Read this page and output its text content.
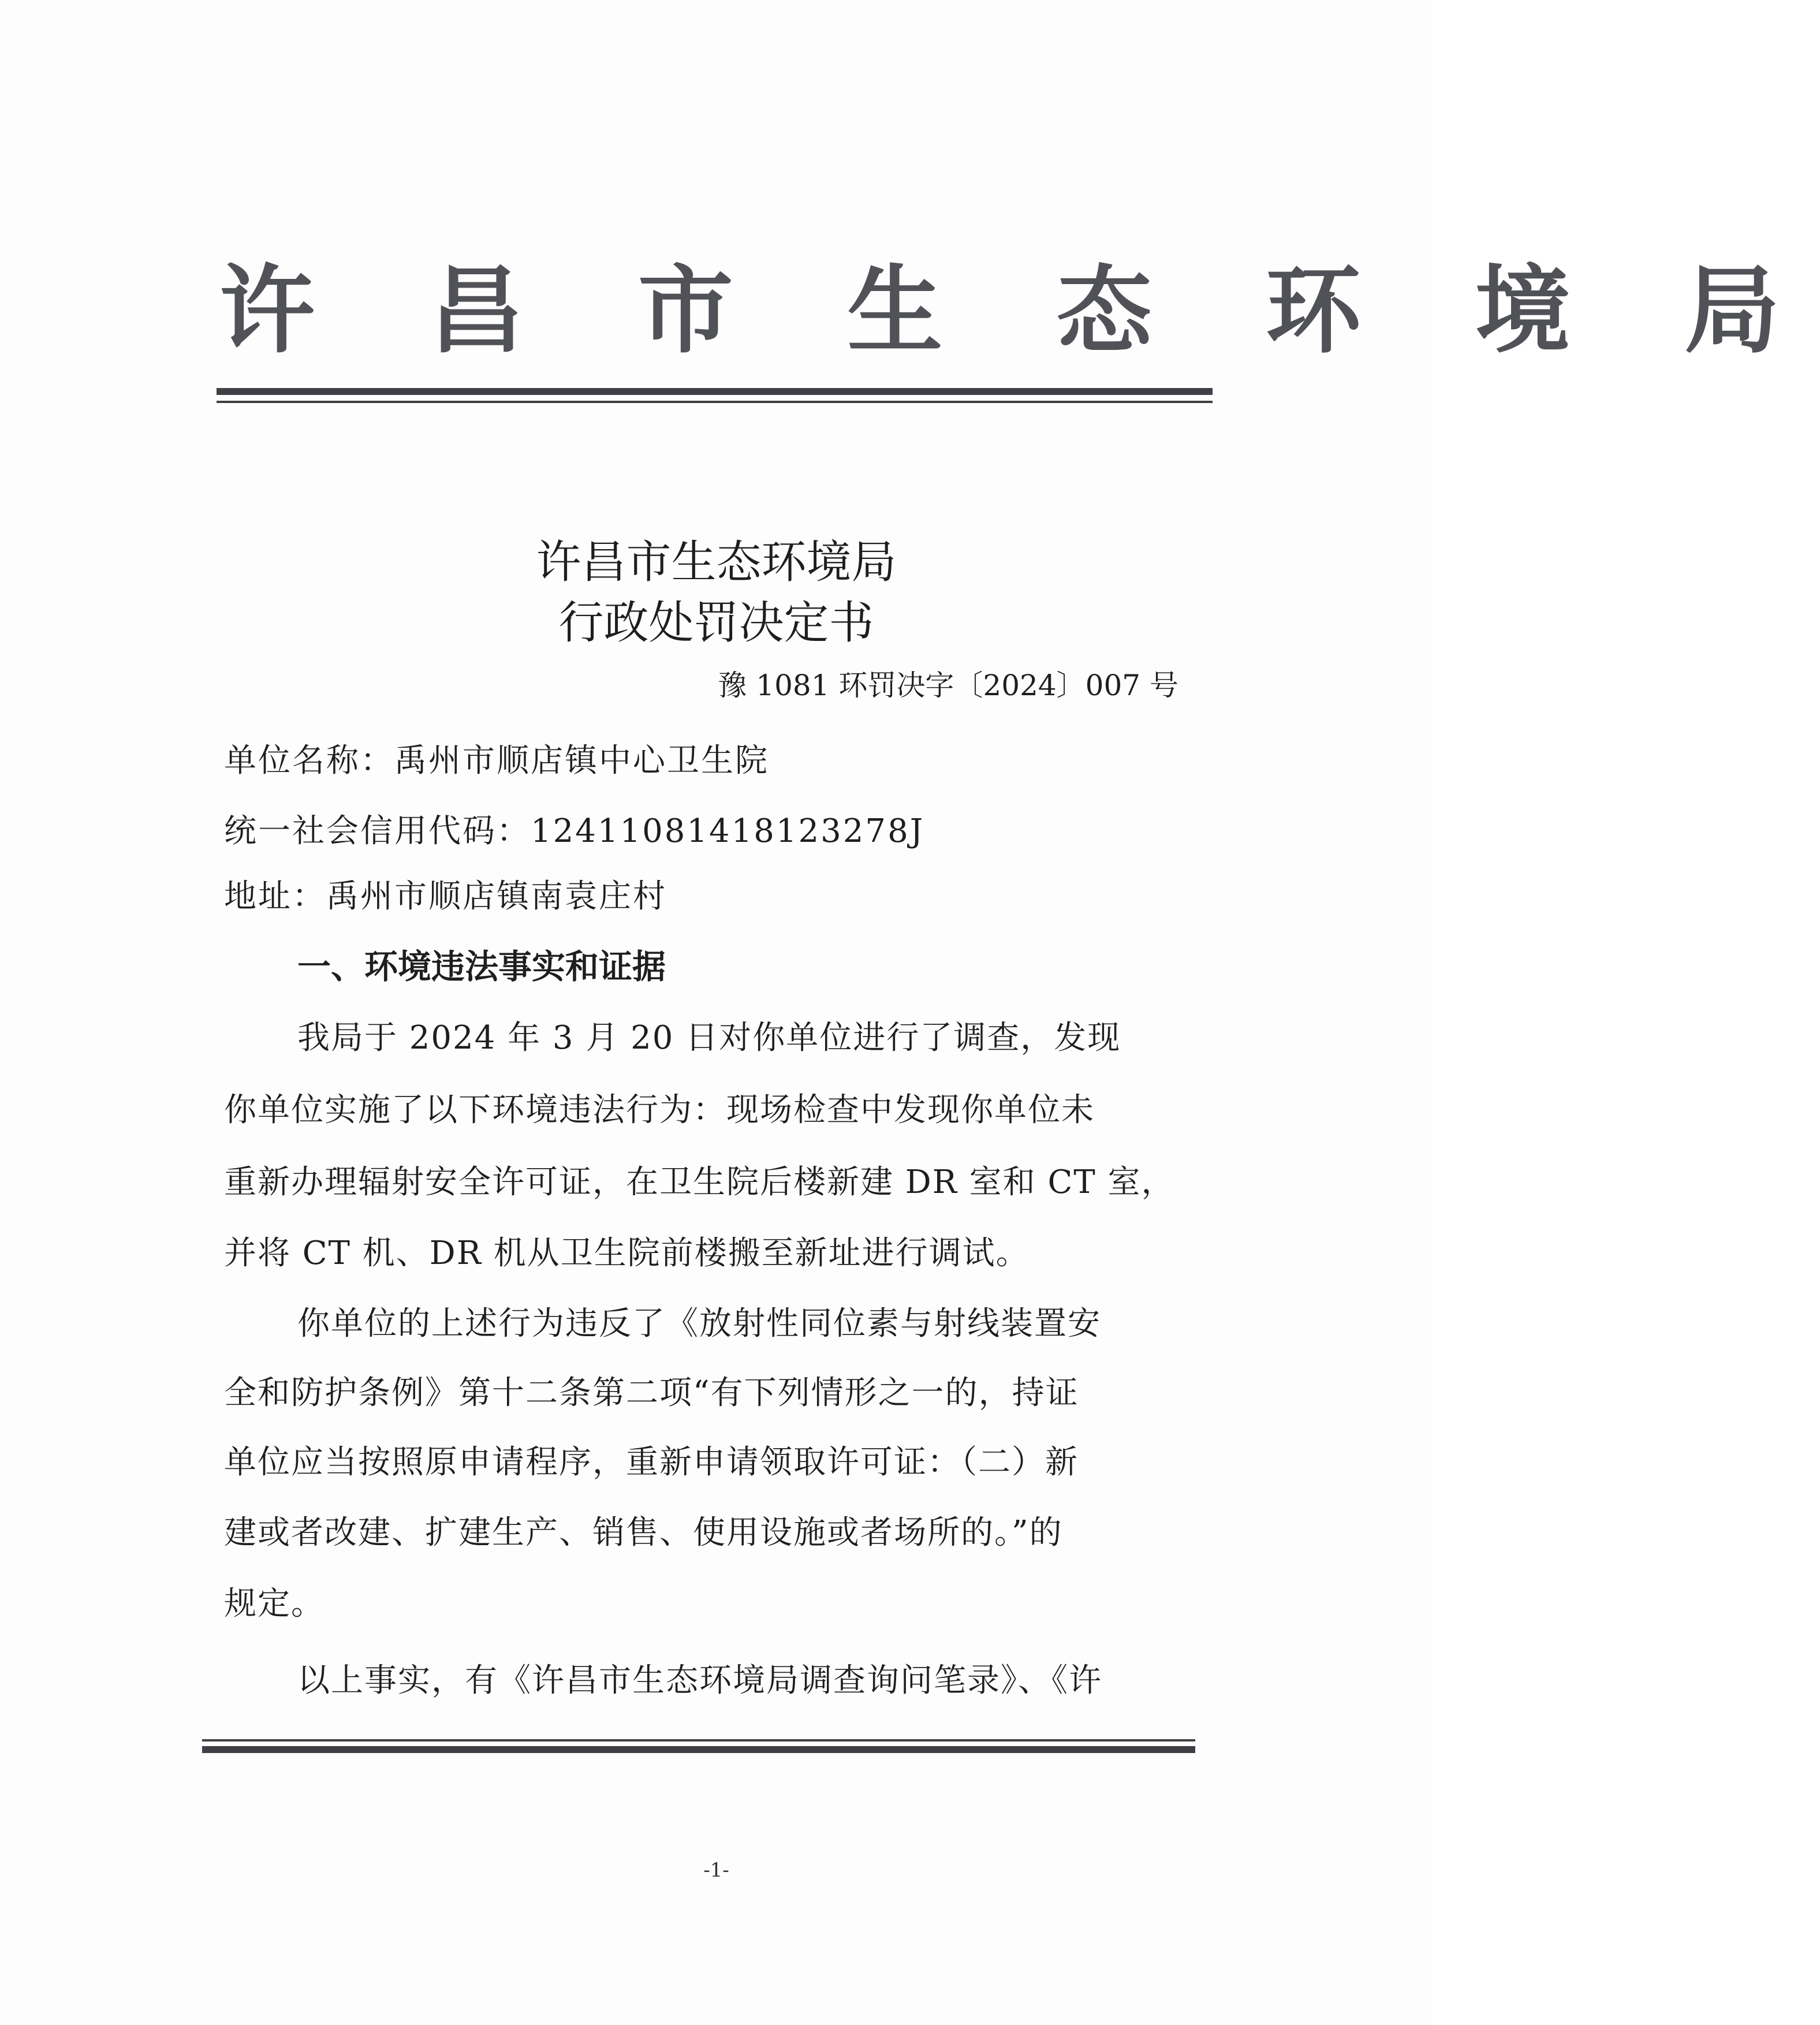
许 昌 市 生 态 环 境 局
许昌市生态环境局
行政处罚决定书
豫 1081 环罚决字〔2024〕007 号
单位名称：禹州市顺店镇中心卫生院
统一社会信用代码：12411081418123278J
地址：禹州市顺店镇南袁庄村
一、环境违法事实和证据
我局于 2024 年 3 月 20 日对你单位进行了调查，发现
你单位实施了以下环境违法行为：现场检查中发现你单位未
重新办理辐射安全许可证，在卫生院后楼新建 DR 室和 CT 室，
并将 CT 机、DR 机从卫生院前楼搬至新址进行调试。
你单位的上述行为违反了《放射性同位素与射线装置安
全和防护条例》第十二条第二项“有下列情形之一的，持证
单位应当按照原申请程序，重新申请领取许可证：（二）新
建或者改建、扩建生产、销售、使用设施或者场所的。”的
规定。
以上事实，有《许昌市生态环境局调查询问笔录》、《许
-1-
